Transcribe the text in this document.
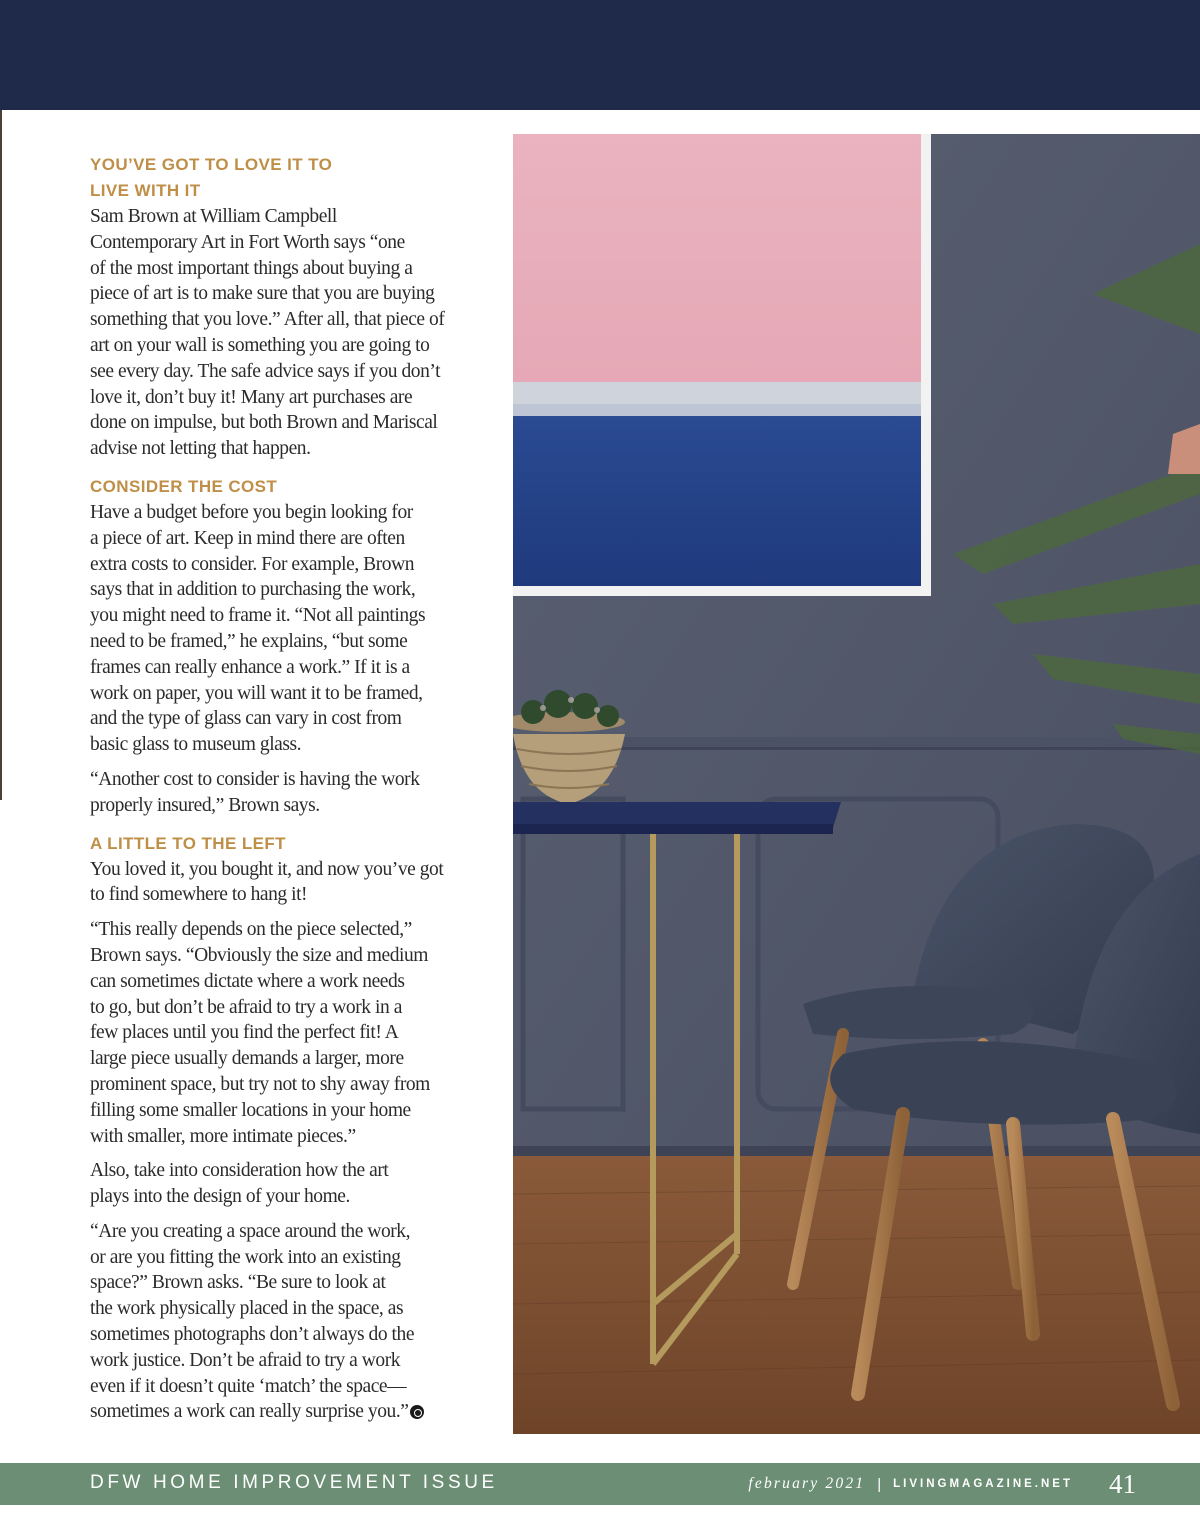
YOU’VE GOT TO LOVE IT TO
LIVE WITH IT
Sam Brown at William Campbell
Contemporary Art in Fort Worth says “one
of the most important things about buying a
piece of art is to make sure that you are buying
something that you love.” After all, that piece of
art on your wall is something you are going to
see every day. The safe advice says if you don’t
love it, don’t buy it! Many art purchases are
done on impulse, but both Brown and Mariscal
advise not letting that happen.
CONSIDER THE COST
Have a budget before you begin looking for
a piece of art. Keep in mind there are often
extra costs to consider. For example, Brown
says that in addition to purchasing the work,
you might need to frame it. “Not all paintings
need to be framed,” he explains, “but some
frames can really enhance a work.” If it is a
work on paper, you will want it to be framed,
and the type of glass can vary in cost from
basic glass to museum glass.
“Another cost to consider is having the work
properly insured,” Brown says.
A LITTLE TO THE LEFT
You loved it, you bought it, and now you’ve got
to find somewhere to hang it!
“This really depends on the piece selected,”
Brown says. “Obviously the size and medium
can sometimes dictate where a work needs
to go, but don’t be afraid to try a work in a
few places until you find the perfect fit! A
large piece usually demands a larger, more
prominent space, but try not to shy away from
filling some smaller locations in your home
with smaller, more intimate pieces.”
Also, take into consideration how the art
plays into the design of your home.
“Are you creating a space around the work,
or are you fitting the work into an existing
space?” Brown asks. “Be sure to look at
the work physically placed in the space, as
sometimes photographs don’t always do the
work justice. Don’t be afraid to try a work
even if it doesn’t quite ‘match’ the space—
sometimes a work can really surprise you.”
DFW HOME IMPROVEMENT ISSUE	february 2021 | LIVINGMAGAZINE.NET 41
